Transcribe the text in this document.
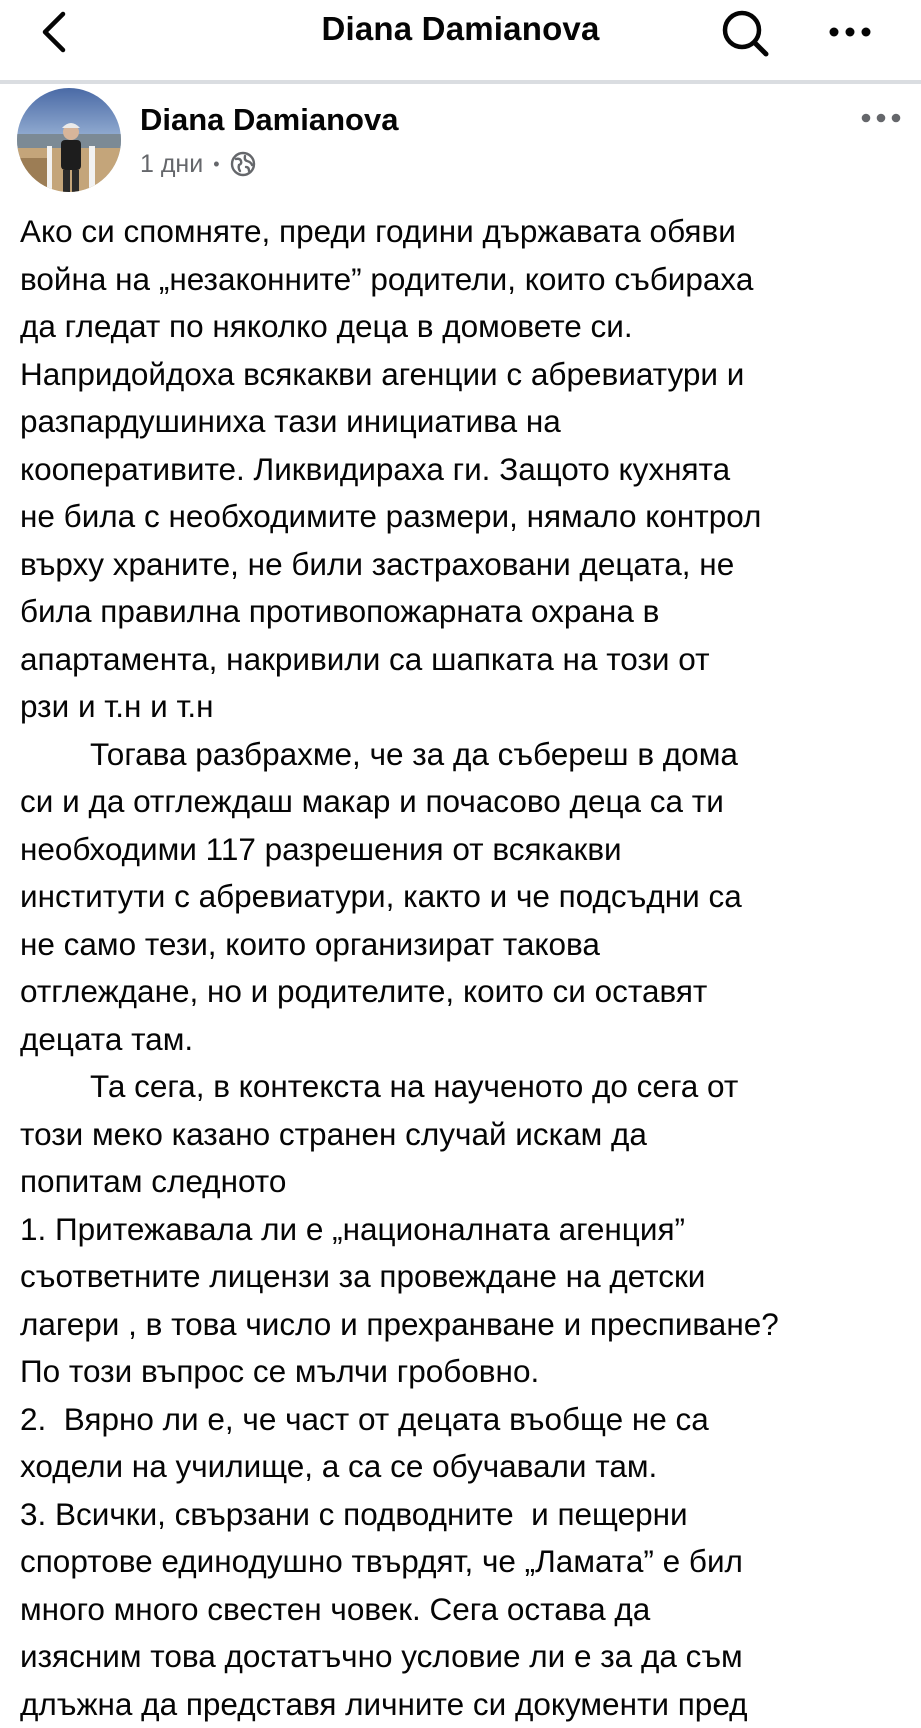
Diana Damianova
Diana Damianova
1 дни •

Ако си спомняте, преди години държавата обяви
война на „незаконните” родители, които събираха
да гледат по няколко деца в домовете си.
Напридойдоха всякакви агенции с абревиатури и
разпардушиниха тази инициатива на
кооперативите. Ликвидираха ги. Защото кухнята
не била с необходимите размери, нямало контрол
върху храните, не били застраховани децата, не
била правилна противопожарната охрана в
апартамента, накривили са шапката на този от
рзи и т.н и т.н

Тогава разбрахме, че за да събереш в дома
си и да отглеждаш макар и почасово деца са ти
необходими 117 разрешения от всякакви
институти с абревиатури, както и че подсъдни са
не само тези, които организират такова
отглеждане, но и родителите, които си оставят
децата там.

Та сега, в контекста на наученото до сега от
този меко казано странен случай искам да
попитам следното

1. Притежавала ли е „националната агенция”
съответните лицензи за провеждане на детски
лагери , в това число и прехранване и преспиване?
По този въпрос се мълчи гробовно.

2.  Вярно ли е, че част от децата въобще не са
ходели на училище, а са се обучавали там.

3. Всички, свързани с подводните  и пещерни
спортове единодушно твърдят, че „Ламата” е бил
много много свестен човек. Сега остава да
изясним това достатъчно условие ли е за да съм
длъжна да представя личните си документи пред
